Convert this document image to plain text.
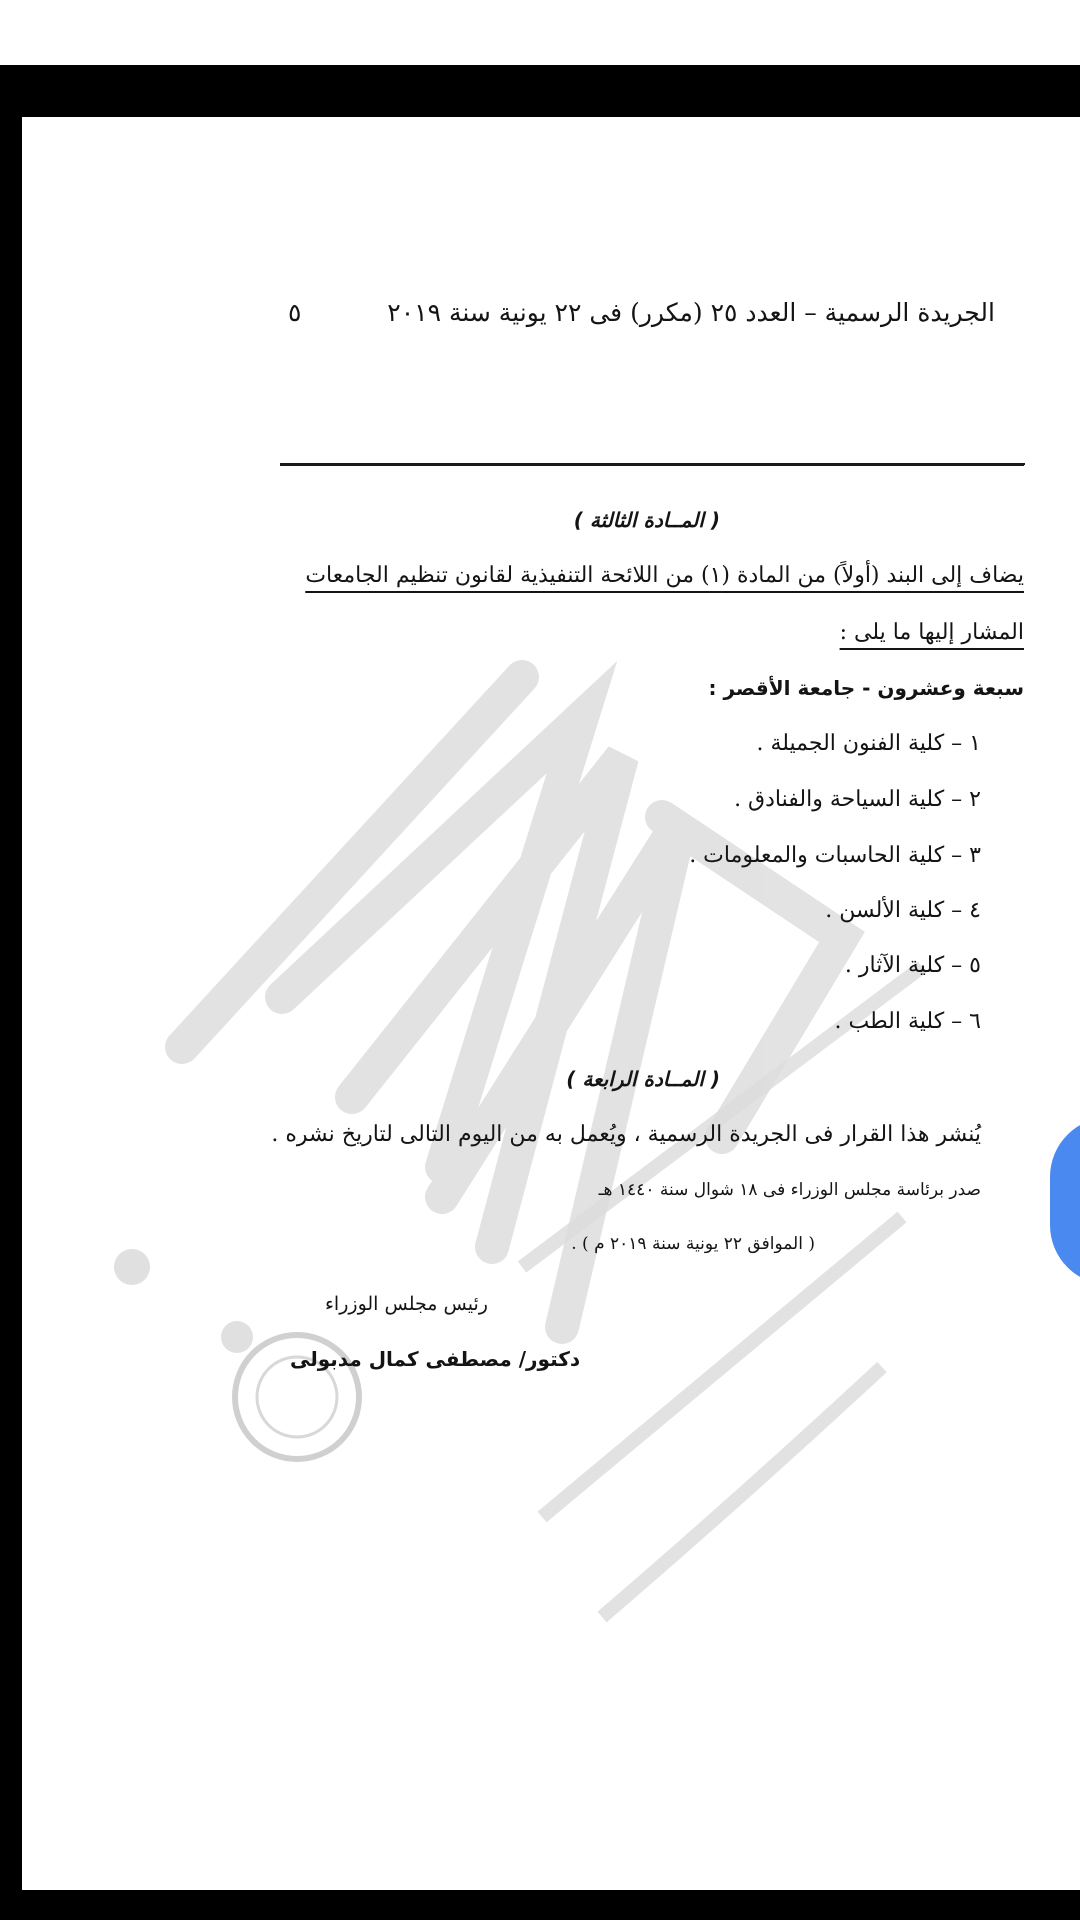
الجريدة الرسمية – العدد ٢٥ (مكرر) فى ٢٢ يونية سنة ٢٠١٩
٥
( المــادة الثالثة )
يضاف إلى البند (أولاً) من المادة (١) من اللائحة التنفيذية لقانون تنظيم الجامعات
المشار إليها ما يلى :
سبعة وعشرون - جامعة الأقصر :
١ – كلية الفنون الجميلة .
٢ – كلية السياحة والفنادق .
٣ – كلية الحاسبات والمعلومات .
٤ – كلية الألسن .
٥ – كلية الآثار .
٦ – كلية الطب .
( المــادة الرابعة )
يُنشر هذا القرار فى الجريدة الرسمية ، ويُعمل به من اليوم التالى لتاريخ نشره .
صدر برئاسة مجلس الوزراء فى ١٨ شوال سنة ١٤٤٠ هـ
( الموافق ٢٢ يونية سنة ٢٠١٩ م ) .
رئيس مجلس الوزراء
دكتور/ مصطفى كمال مدبولى
